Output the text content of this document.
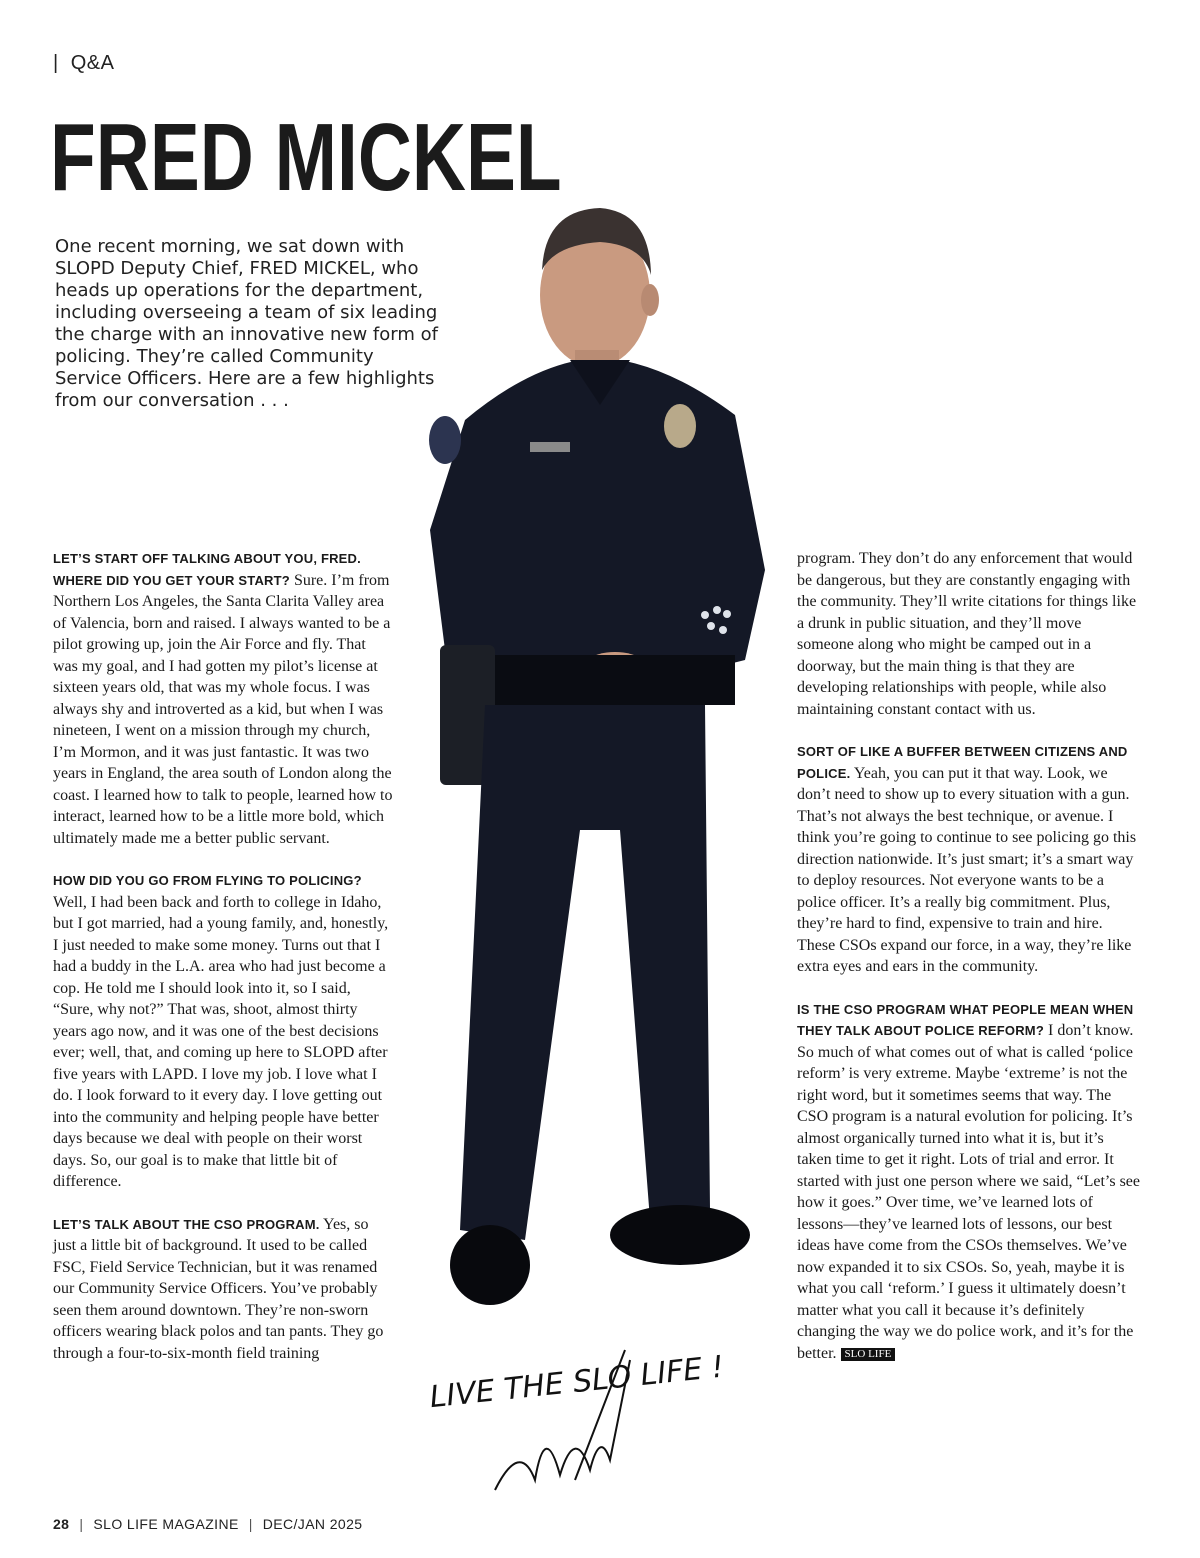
| Q&A
FRED MICKEL
One recent morning, we sat down with SLOPD Deputy Chief, FRED MICKEL, who heads up operations for the department, including overseeing a team of six leading the charge with an innovative new form of policing. They’re called Community Service Officers. Here are a few highlights from our conversation . . .
LIVE THE SLO LIFE !

LET’S START OFF TALKING ABOUT YOU, FRED. WHERE DID YOU GET YOUR START? Sure. I’m from Northern Los Angeles, the Santa Clarita Valley area of Valencia, born and raised. I always wanted to be a pilot growing up, join the Air Force and fly. That was my goal, and I had gotten my pilot’s license at sixteen years old, that was my whole focus. I was always shy and introverted as a kid, but when I was nineteen, I went on a mission through my church, I’m Mormon, and it was just fantastic. It was two years in England, the area south of London along the coast. I learned how to talk to people, learned how to interact, learned how to be a little more bold, which ultimately made me a better public servant.

HOW DID YOU GO FROM FLYING TO POLICING? Well, I had been back and forth to college in Idaho, but I got married, had a young family, and, honestly, I just needed to make some money. Turns out that I had a buddy in the L.A. area who had just become a cop. He told me I should look into it, so I said, “Sure, why not?” That was, shoot, almost thirty years ago now, and it was one of the best decisions ever; well, that, and coming up here to SLOPD after five years with LAPD. I love my job. I love what I do. I look forward to it every day. I love getting out into the community and helping people have better days because we deal with people on their worst days. So, our goal is to make that little bit of difference.

LET’S TALK ABOUT THE CSO PROGRAM. Yes, so just a little bit of background. It used to be called FSC, Field Service Technician, but it was renamed our Community Service Officers. You’ve probably seen them around downtown. They’re non-sworn officers wearing black polos and tan pants. They go through a four-to-six-month field training

program. They don’t do any enforcement that would be dangerous, but they are constantly engaging with the community. They’ll write citations for things like a drunk in public situation, and they’ll move someone along who might be camped out in a doorway, but the main thing is that they are developing relationships with people, while also maintaining constant contact with us.

SORT OF LIKE A BUFFER BETWEEN CITIZENS AND POLICE. Yeah, you can put it that way. Look, we don’t need to show up to every situation with a gun. That’s not always the best technique, or avenue. I think you’re going to continue to see policing go this direction nationwide. It’s just smart; it’s a smart way to deploy resources. Not everyone wants to be a police officer. It’s a really big commitment. Plus, they’re hard to find, expensive to train and hire. These CSOs expand our force, in a way, they’re like extra eyes and ears in the community.

IS THE CSO PROGRAM WHAT PEOPLE MEAN WHEN THEY TALK ABOUT POLICE REFORM? I don’t know. So much of what comes out of what is called ‘police reform’ is very extreme. Maybe ‘extreme’ is not the right word, but it sometimes seems that way. The CSO program is a natural evolution for policing. It’s almost organically turned into what it is, but it’s taken time to get it right. Lots of trial and error. It started with just one person where we said, “Let’s see how it goes.” Over time, we’ve learned lots of lessons—they’ve learned lots of lessons, our best ideas have come from the CSOs themselves. We’ve now expanded it to six CSOs. So, yeah, maybe it is what you call ‘reform.’ I guess it ultimately doesn’t matter what you call it because it’s definitely changing the way we do police work, and it’s for the better. SLO LIFE

28 | SLO LIFE MAGAZINE | DEC/JAN 2025
